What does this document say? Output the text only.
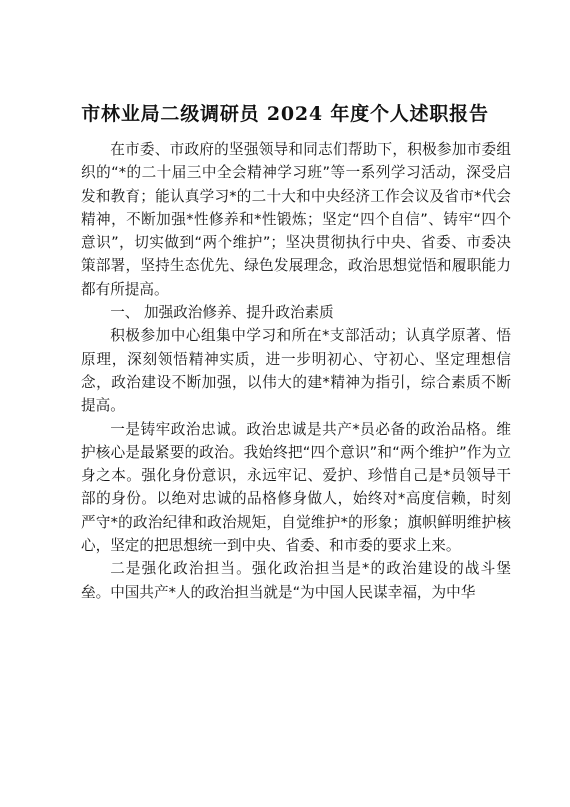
市林业局二级调研员 2024 年度个人述职报告

在市委、市政府的坚强领导和同志们帮助下，积极参加市委组织的“*的二十届三中全会精神学习班”等一系列学习活动，深受启发和教育；能认真学习*的二十大和中央经济工作会议及省市*代会精神，不断加强*性修养和*性锻炼；坚定“四个自信”、铸牢“四个意识”，切实做到“两个维护”；坚决贯彻执行中央、省委、市委决策部署，坚持生态优先、绿色发展理念，政治思想觉悟和履职能力都有所提高。

一、 加强政治修养、提升政治素质

积极参加中心组集中学习和所在*支部活动；认真学原著、悟原理，深刻领悟精神实质，进一步明初心、守初心、坚定理想信念，政治建设不断加强，以伟大的建*精神为指引，综合素质不断提高。

一是铸牢政治忠诚。政治忠诚是共产*员必备的政治品格。维护核心是最紧要的政治。我始终把“四个意识”和“两个维护”作为立身之本。强化身份意识，永远牢记、爱护、珍惜自己是*员领导干部的身份。以绝对忠诚的品格修身做人，始终对*高度信赖，时刻严守*的政治纪律和政治规矩，自觉维护*的形象；旗帜鲜明维护核心，坚定的把思想统一到中央、省委、和市委的要求上来。

二是强化政治担当。强化政治担当是*的政治建设的战斗堡垒。中国共产*人的政治担当就是“为中国人民谋幸福，为中华
